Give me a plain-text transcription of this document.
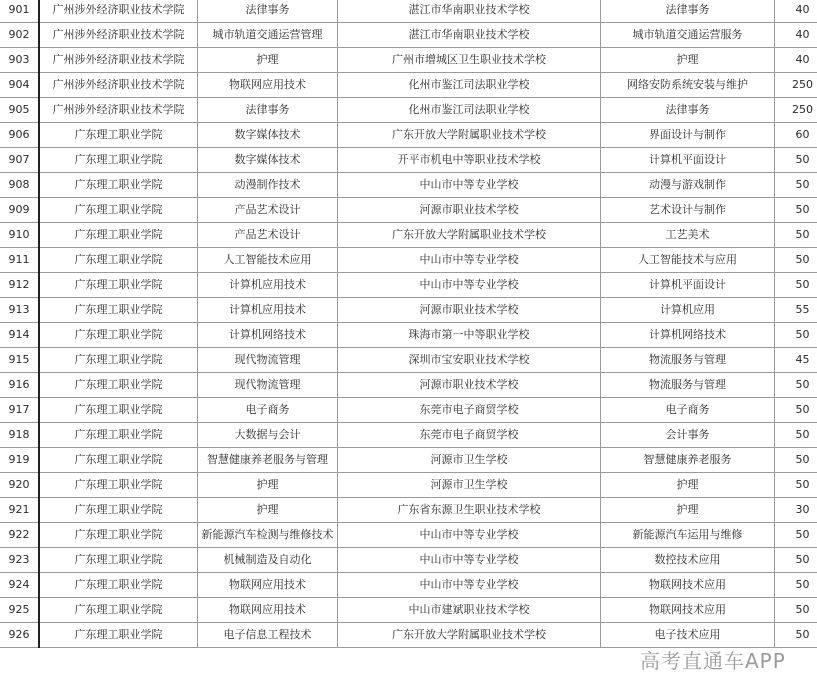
901	广州涉外经济职业技术学院	法律事务	湛江市华南职业技术学校	法律事务	40
902	广州涉外经济职业技术学院	城市轨道交通运营管理	湛江市华南职业技术学校	城市轨道交通运营服务	40
903	广州涉外经济职业技术学院	护理	广州市增城区卫生职业技术学校	护理	40
904	广州涉外经济职业技术学院	物联网应用技术	化州市鉴江司法职业学校	网络安防系统安装与维护	250
905	广州涉外经济职业技术学院	法律事务	化州市鉴江司法职业学校	法律事务	250
906	广东理工职业学院	数字媒体技术	广东开放大学附属职业技术学校	界面设计与制作	60
907	广东理工职业学院	数字媒体技术	开平市机电中等职业技术学校	计算机平面设计	50
908	广东理工职业学院	动漫制作技术	中山市中等专业学校	动漫与游戏制作	50
909	广东理工职业学院	产品艺术设计	河源市职业技术学校	艺术设计与制作	50
910	广东理工职业学院	产品艺术设计	广东开放大学附属职业技术学校	工艺美术	50
911	广东理工职业学院	人工智能技术应用	中山市中等专业学校	人工智能技术与应用	50
912	广东理工职业学院	计算机应用技术	中山市中等专业学校	计算机平面设计	50
913	广东理工职业学院	计算机应用技术	河源市职业技术学校	计算机应用	55
914	广东理工职业学院	计算机网络技术	珠海市第一中等职业学校	计算机网络技术	50
915	广东理工职业学院	现代物流管理	深圳市宝安职业技术学校	物流服务与管理	45
916	广东理工职业学院	现代物流管理	河源市职业技术学校	物流服务与管理	50
917	广东理工职业学院	电子商务	东莞市电子商贸学校	电子商务	50
918	广东理工职业学院	大数据与会计	东莞市电子商贸学校	会计事务	50
919	广东理工职业学院	智慧健康养老服务与管理	河源市卫生学校	智慧健康养老服务	50
920	广东理工职业学院	护理	河源市卫生学校	护理	50
921	广东理工职业学院	护理	广东省东源卫生职业技术学校	护理	30
922	广东理工职业学院	新能源汽车检测与维修技术	中山市中等专业学校	新能源汽车运用与维修	50
923	广东理工职业学院	机械制造及自动化	中山市中等专业学校	数控技术应用	50
924	广东理工职业学院	物联网应用技术	中山市中等专业学校	物联网技术应用	50
925	广东理工职业学院	物联网应用技术	中山市建斌职业技术学校	物联网技术应用	50
926	广东理工职业学院	电子信息工程技术	广东开放大学附属职业技术学校	电子技术应用	50
高考直通车APP
